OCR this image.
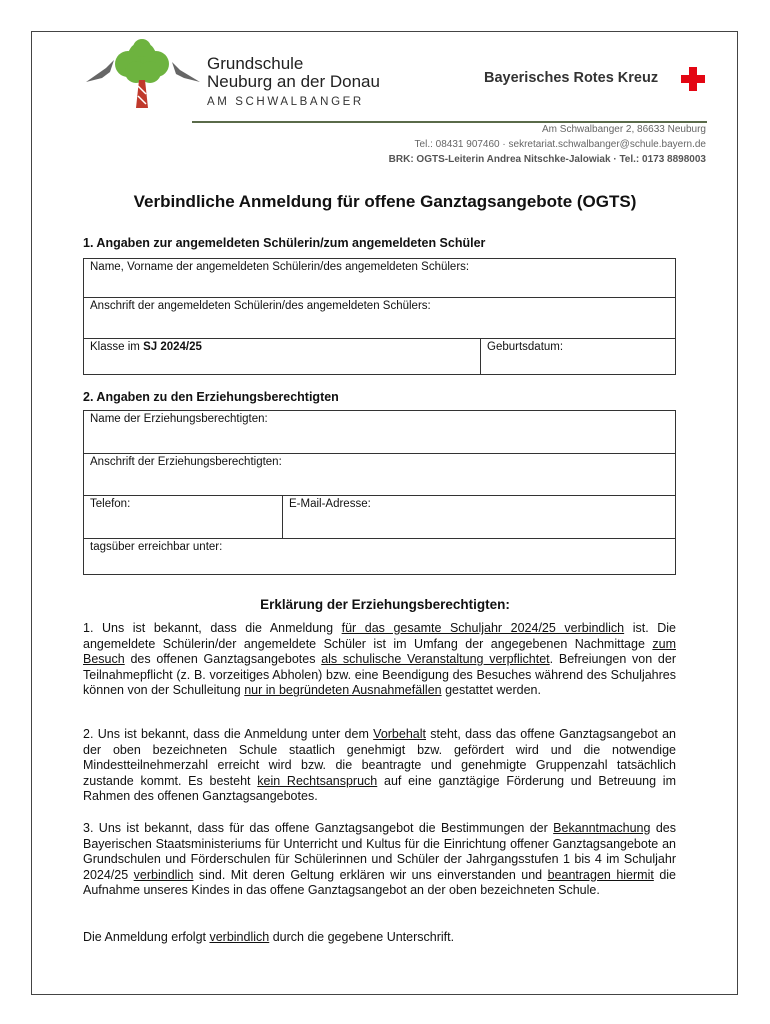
Grundschule
Neuburg an der Donau
AM SCHWALBANGER
Bayerisches Rotes Kreuz
Am Schwalbanger 2, 86633 Neuburg
Tel.: 08431 907460 · sekretariat.schwalbanger@schule.bayern.de
BRK: OGTS-Leiterin Andrea Nitschke-Jalowiak · Tel.: 0173 8898003
Verbindliche Anmeldung für offene Ganztagsangebote (OGTS)
1. Angaben zur angemeldeten Schülerin/zum angemeldeten Schüler
Name, Vorname der angemeldeten Schülerin/des angemeldeten Schülers:
Anschrift der angemeldeten Schülerin/des angemeldeten Schülers:
Klasse im SJ 2024/25	Geburtsdatum:
2. Angaben zu den Erziehungsberechtigten
Name der Erziehungsberechtigten:
Anschrift der Erziehungsberechtigten:
Telefon:	E-Mail-Adresse:
tagsüber erreichbar unter:
Erklärung der Erziehungsberechtigten:
1. Uns ist bekannt, dass die Anmeldung für das gesamte Schuljahr 2024/25 verbindlich ist. Die angemeldete Schülerin/der angemeldete Schüler ist im Umfang der angegebenen Nachmittage zum Besuch des offenen Ganztagsangebotes als schulische Veranstaltung verpflichtet. Befreiungen von der Teilnahmepflicht (z. B. vorzeitiges Abholen) bzw. eine Beendigung des Besuches während des Schuljahres können von der Schulleitung nur in begründeten Ausnahmefällen gestattet werden.
2. Uns ist bekannt, dass die Anmeldung unter dem Vorbehalt steht, dass das offene Ganztagsangebot an der oben bezeichneten Schule staatlich genehmigt bzw. gefördert wird und die notwendige Mindestteilnehmerzahl erreicht wird bzw. die beantragte und genehmigte Gruppenzahl tatsächlich zustande kommt. Es besteht kein Rechtsanspruch auf eine ganztägige Förderung und Betreuung im Rahmen des offenen Ganztagsangebotes.
3. Uns ist bekannt, dass für das offene Ganztagsangebot die Bestimmungen der Bekanntmachung des Bayerischen Staatsministeriums für Unterricht und Kultus für die Einrichtung offener Ganztagsangebote an Grundschulen und Förderschulen für Schülerinnen und Schüler der Jahrgangsstufen 1 bis 4 im Schuljahr 2024/25 verbindlich sind. Mit deren Geltung erklären wir uns einverstanden und beantragen hiermit die Aufnahme unseres Kindes in das offene Ganztagsangebot an der oben bezeichneten Schule.
Die Anmeldung erfolgt verbindlich durch die gegebene Unterschrift.
